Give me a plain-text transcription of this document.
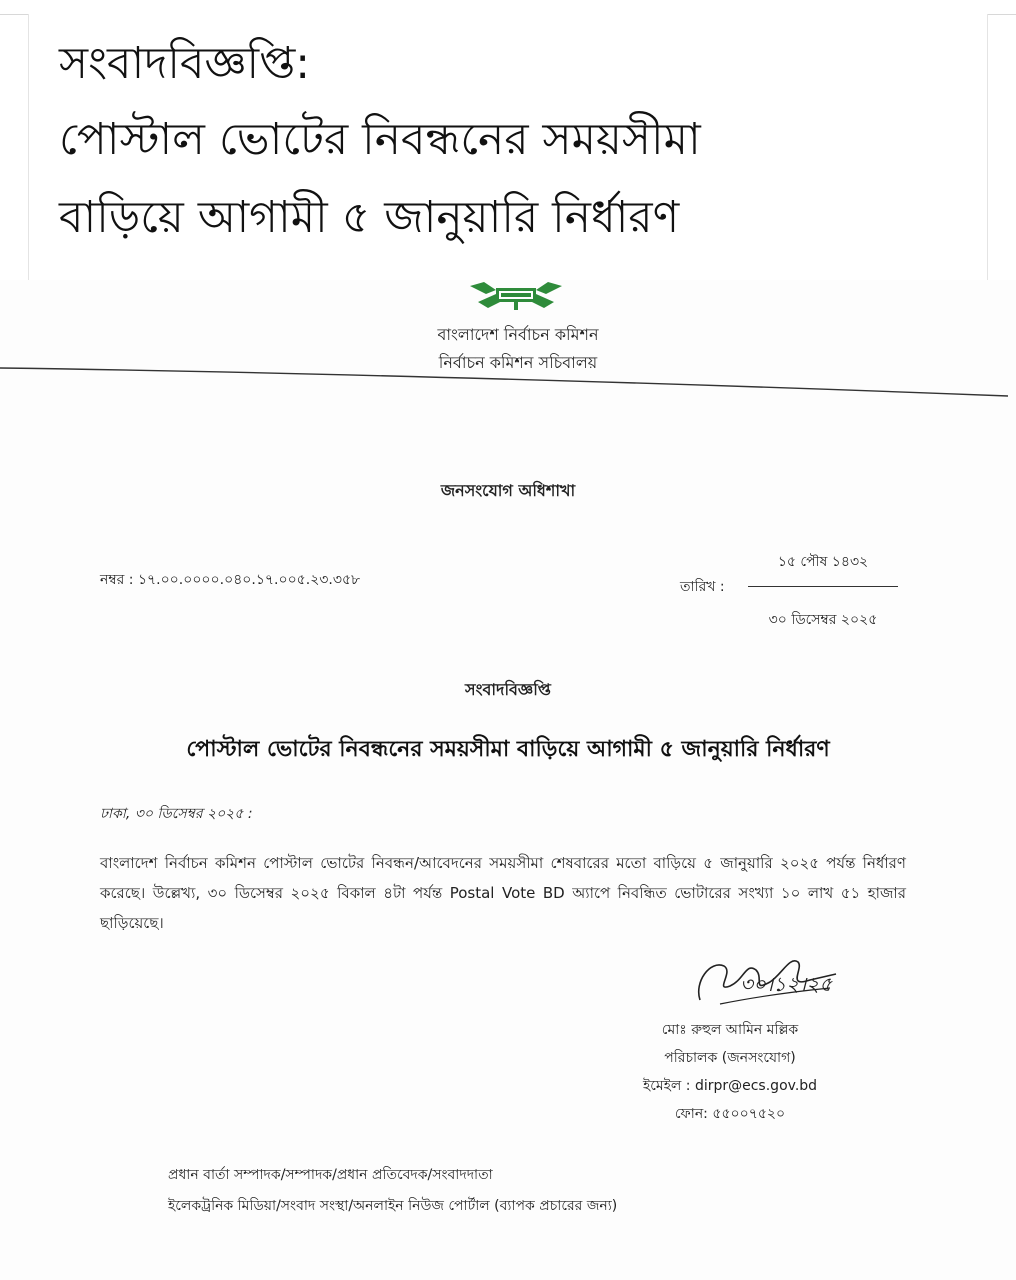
সংবাদবিজ্ঞপ্তি:
পোস্টাল ভোটের নিবন্ধনের সময়সীমা
বাড়িয়ে আগামী ৫ জানুয়ারি নির্ধারণ
বাংলাদেশ নির্বাচন কমিশন
নির্বাচন কমিশন সচিবালয়
জনসংযোগ অধিশাখা
নম্বর : ১৭.০০.০০০০.০৪০.১৭.০০৫.২৩.৩৫৮	তারিখ :
১৫ পৌষ ১৪৩২
৩০ ডিসেম্বর ২০২৫
সংবাদবিজ্ঞপ্তি
পোস্টাল ভোটের নিবন্ধনের সময়সীমা বাড়িয়ে আগামী ৫ জানুয়ারি নির্ধারণ
ঢাকা, ৩০ ডিসেম্বর ২০২৫ :
বাংলাদেশ নির্বাচন কমিশন পোস্টাল ভোটের নিবন্ধন/আবেদনের সময়সীমা শেষবারের মতো বাড়িয়ে ৫ জানুয়ারি ২০২৫ পর্যন্ত নির্ধারণ করেছে। উল্লেখ্য, ৩০ ডিসেম্বর ২০২৫ বিকাল ৪টা পর্যন্ত Postal Vote BD অ্যাপে নিবন্ধিত ভোটারের সংখ্যা ১০ লাখ ৫১ হাজার ছাড়িয়েছে।
৩০।১২।২৫
মোঃ রুহুল আমিন মল্লিক
পরিচালক (জনসংযোগ)
ইমেইল : dirpr@ecs.gov.bd
ফোন: ৫৫০০৭৫২০
প্রধান বার্তা সম্পাদক/সম্পাদক/প্রধান প্রতিবেদক/সংবাদদাতা
ইলেকট্রনিক মিডিয়া/সংবাদ সংস্থা/অনলাইন নিউজ পোর্টাল (ব্যাপক প্রচারের জন্য)
